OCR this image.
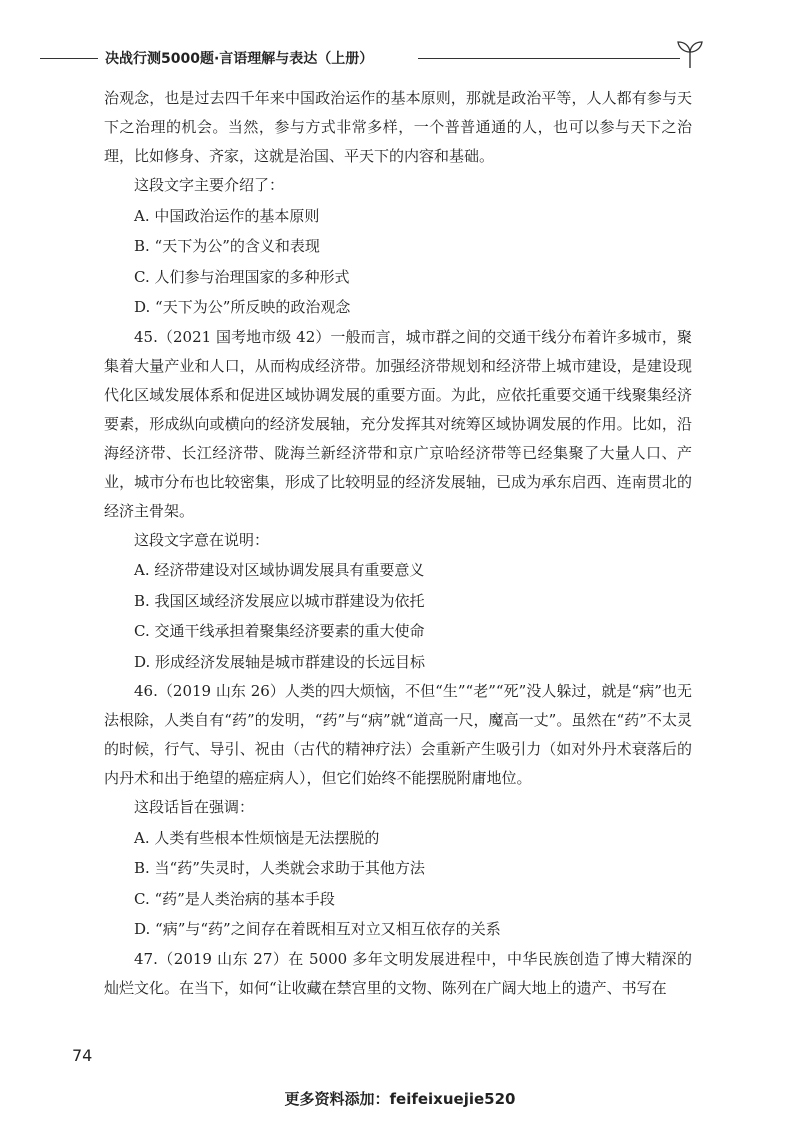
决战行测5000题·言语理解与表达（上册）

治观念，也是过去四千年来中国政治运作的基本原则，那就是政治平等，人人都有参与天下之治理的机会。当然，参与方式非常多样，一个普普通通的人，也可以参与天下之治理，比如修身、齐家，这就是治国、平天下的内容和基础。

这段文字主要介绍了：

A. 中国政治运作的基本原则

B. “天下为公”的含义和表现

C. 人们参与治理国家的多种形式

D. “天下为公”所反映的政治观念

45.（2021 国考地市级 42）一般而言，城市群之间的交通干线分布着许多城市，聚集着大量产业和人口，从而构成经济带。加强经济带规划和经济带上城市建设，是建设现代化区域发展体系和促进区域协调发展的重要方面。为此，应依托重要交通干线聚集经济要素，形成纵向或横向的经济发展轴，充分发挥其对统筹区域协调发展的作用。比如，沿海经济带、长江经济带、陇海兰新经济带和京广京哈经济带等已经集聚了大量人口、产业，城市分布也比较密集，形成了比较明显的经济发展轴，已成为承东启西、连南贯北的经济主骨架。

这段文字意在说明：

A. 经济带建设对区域协调发展具有重要意义

B. 我国区域经济发展应以城市群建设为依托

C. 交通干线承担着聚集经济要素的重大使命

D. 形成经济发展轴是城市群建设的长远目标

46.（2019 山东 26）人类的四大烦恼，不但“生”“老”“死”没人躲过，就是“病”也无法根除，人类自有“药”的发明，“药”与“病”就“道高一尺，魔高一丈”。虽然在“药”不太灵的时候，行气、导引、祝由（古代的精神疗法）会重新产生吸引力（如对外丹术衰落后的内丹术和出于绝望的癌症病人），但它们始终不能摆脱附庸地位。

这段话旨在强调：

A. 人类有些根本性烦恼是无法摆脱的

B. 当“药”失灵时，人类就会求助于其他方法

C. “药”是人类治病的基本手段

D. “病”与“药”之间存在着既相互对立又相互依存的关系

47.（2019 山东 27）在 5000 多年文明发展进程中，中华民族创造了博大精深的灿烂文化。在当下，如何“让收藏在禁宫里的文物、陈列在广阔大地上的遗产、书写在

74
更多资料添加：feifeixuejie520
